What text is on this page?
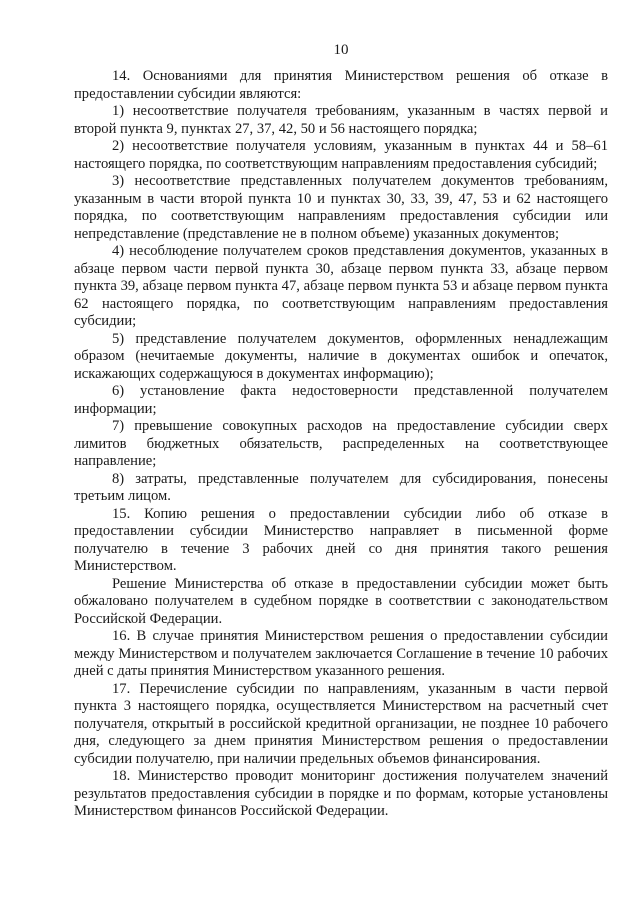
10

14. Основаниями для принятия Министерством решения об отказе в предоставлении субсидии являются:

1) несоответствие получателя требованиям, указанным в частях первой и второй пункта 9, пунктах 27, 37, 42, 50 и 56 настоящего порядка;

2) несоответствие получателя условиям, указанным в пунктах 44 и 58–61 настоящего порядка, по соответствующим направлениям предоставления субсидий;

3) несоответствие представленных получателем документов требованиям, указанным в части второй пункта 10 и пунктах 30, 33, 39, 47, 53 и 62 настоящего порядка, по соответствующим направлениям предоставления субсидии или непредставление (представление не в полном объеме) указанных документов;

4) несоблюдение получателем сроков представления документов, указанных в абзаце первом части первой пункта 30, абзаце первом пункта 33, абзаце первом пункта 39, абзаце первом пункта 47, абзаце первом пункта 53 и абзаце первом пункта 62 настоящего порядка, по соответствующим направлениям предоставления субсидии;

5) представление получателем документов, оформленных ненадлежащим образом (нечитаемые документы, наличие в документах ошибок и опечаток, искажающих содержащуюся в документах информацию);

6) установление факта недостоверности представленной получателем информации;

7) превышение совокупных расходов на предоставление субсидии сверх лимитов бюджетных обязательств, распределенных на соответствующее направление;

8) затраты, представленные получателем для субсидирования, понесены третьим лицом.

15. Копию решения о предоставлении субсидии либо об отказе в предоставлении субсидии Министерство направляет в письменной форме получателю в течение 3 рабочих дней со дня принятия такого решения Министерством.

Решение Министерства об отказе в предоставлении субсидии может быть обжаловано получателем в судебном порядке в соответствии с законодательством Российской Федерации.

16. В случае принятия Министерством решения о предоставлении субсидии между Министерством и получателем заключается Соглашение в течение 10 рабочих дней с даты принятия Министерством указанного решения.

17. Перечисление субсидии по направлениям, указанным в части первой пункта 3 настоящего порядка, осуществляется Министерством на расчетный счет получателя, открытый в российской кредитной организации, не позднее 10 рабочего дня, следующего за днем принятия Министерством решения о предоставлении субсидии получателю, при наличии предельных объемов финансирования.

18. Министерство проводит мониторинг достижения получателем значений результатов предоставления субсидии в порядке и по формам, которые установлены Министерством финансов Российской Федерации.
